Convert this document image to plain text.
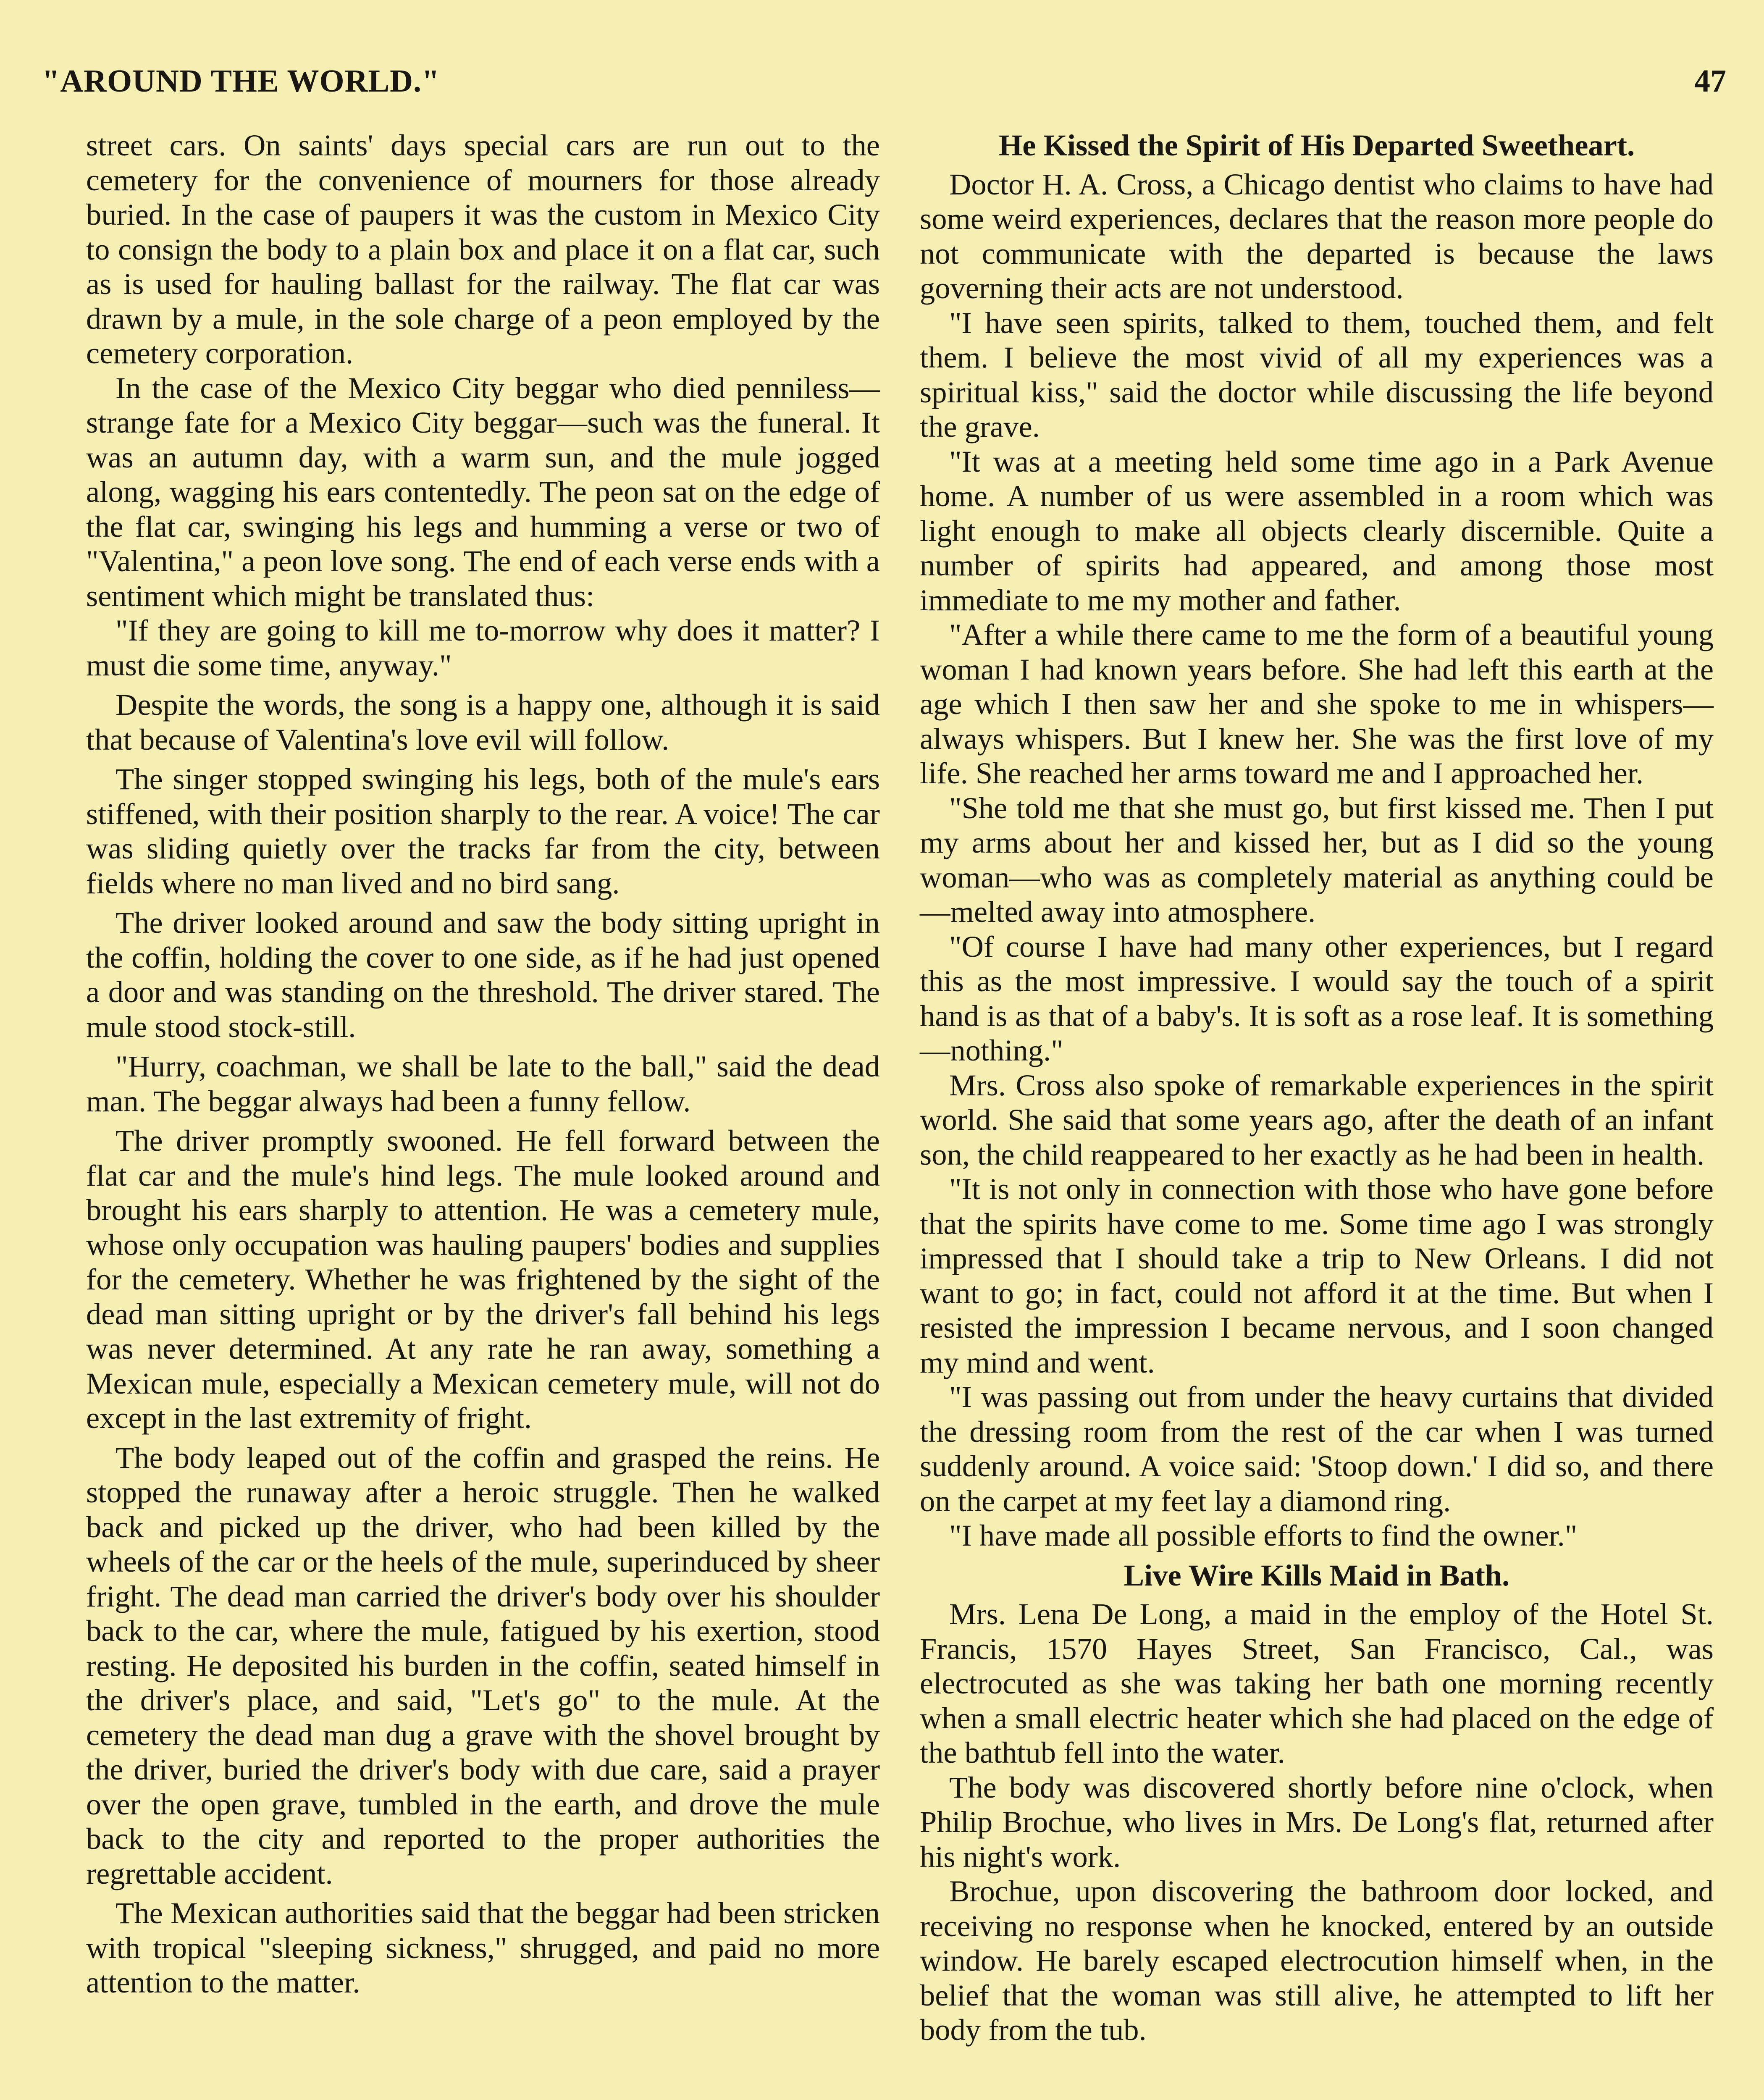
"AROUND THE WORLD."	47

street cars. On saints' days special cars are run out to the cemetery for the convenience of mourners for those already buried. In the case of paupers it was the custom in Mexico City to consign the body to a plain box and place it on a flat car, such as is used for hauling ballast for the railway. The flat car was drawn by a mule, in the sole charge of a peon employed by the cemetery corporation.

In the case of the Mexico City beggar who died penniless—strange fate for a Mexico City beggar—such was the funeral. It was an autumn day, with a warm sun, and the mule jogged along, wagging his ears contentedly. The peon sat on the edge of the flat car, swinging his legs and humming a verse or two of "Valentina," a peon love song. The end of each verse ends with a sentiment which might be translated thus:

"If they are going to kill me to-morrow why does it matter? I must die some time, anyway."

Despite the words, the song is a happy one, although it is said that because of Valentina's love evil will follow.

The singer stopped swinging his legs, both of the mule's ears stiffened, with their position sharply to the rear. A voice! The car was sliding quietly over the tracks far from the city, between fields where no man lived and no bird sang.

The driver looked around and saw the body sitting upright in the coffin, holding the cover to one side, as if he had just opened a door and was standing on the threshold. The driver stared. The mule stood stock-still.

"Hurry, coachman, we shall be late to the ball," said the dead man. The beggar always had been a funny fellow.

The driver promptly swooned. He fell forward between the flat car and the mule's hind legs. The mule looked around and brought his ears sharply to attention. He was a cemetery mule, whose only occupation was hauling paupers' bodies and supplies for the cemetery. Whether he was frightened by the sight of the dead man sitting upright or by the driver's fall behind his legs was never determined. At any rate he ran away, something a Mexican mule, especially a Mexican cemetery mule, will not do except in the last extremity of fright.

The body leaped out of the coffin and grasped the reins. He stopped the runaway after a heroic struggle. Then he walked back and picked up the driver, who had been killed by the wheels of the car or the heels of the mule, superinduced by sheer fright. The dead man carried the driver's body over his shoulder back to the car, where the mule, fatigued by his exertion, stood resting. He deposited his burden in the coffin, seated himself in the driver's place, and said, "Let's go" to the mule. At the cemetery the dead man dug a grave with the shovel brought by the driver, buried the driver's body with due care, said a prayer over the open grave, tumbled in the earth, and drove the mule back to the city and reported to the proper authorities the regrettable accident.

The Mexican authorities said that the beggar had been stricken with tropical "sleeping sickness," shrugged, and paid no more attention to the matter.

He Kissed the Spirit of His Departed Sweetheart.

Doctor H. A. Cross, a Chicago dentist who claims to have had some weird experiences, declares that the reason more people do not communicate with the departed is because the laws governing their acts are not understood.

"I have seen spirits, talked to them, touched them, and felt them. I believe the most vivid of all my experiences was a spiritual kiss," said the doctor while discussing the life beyond the grave.

"It was at a meeting held some time ago in a Park Avenue home. A number of us were assembled in a room which was light enough to make all objects clearly discernible. Quite a number of spirits had appeared, and among those most immediate to me my mother and father.

"After a while there came to me the form of a beautiful young woman I had known years before. She had left this earth at the age which I then saw her and she spoke to me in whispers—always whispers. But I knew her. She was the first love of my life. She reached her arms toward me and I approached her.

"She told me that she must go, but first kissed me. Then I put my arms about her and kissed her, but as I did so the young woman—who was as completely material as anything could be—melted away into atmosphere.

"Of course I have had many other experiences, but I regard this as the most impressive. I would say the touch of a spirit hand is as that of a baby's. It is soft as a rose leaf. It is something—nothing."

Mrs. Cross also spoke of remarkable experiences in the spirit world. She said that some years ago, after the death of an infant son, the child reappeared to her exactly as he had been in health.

"It is not only in connection with those who have gone before that the spirits have come to me. Some time ago I was strongly impressed that I should take a trip to New Orleans. I did not want to go; in fact, could not afford it at the time. But when I resisted the impression I became nervous, and I soon changed my mind and went.

"I was passing out from under the heavy curtains that divided the dressing room from the rest of the car when I was turned suddenly around. A voice said: 'Stoop down.' I did so, and there on the carpet at my feet lay a diamond ring.

"I have made all possible efforts to find the owner."

Live Wire Kills Maid in Bath.

Mrs. Lena De Long, a maid in the employ of the Hotel St. Francis, 1570 Hayes Street, San Francisco, Cal., was electrocuted as she was taking her bath one morning recently when a small electric heater which she had placed on the edge of the bathtub fell into the water.

The body was discovered shortly before nine o'clock, when Philip Brochue, who lives in Mrs. De Long's flat, returned after his night's work.

Brochue, upon discovering the bathroom door locked, and receiving no response when he knocked, entered by an outside window. He barely escaped electrocution himself when, in the belief that the woman was still alive, he attempted to lift her body from the tub.
